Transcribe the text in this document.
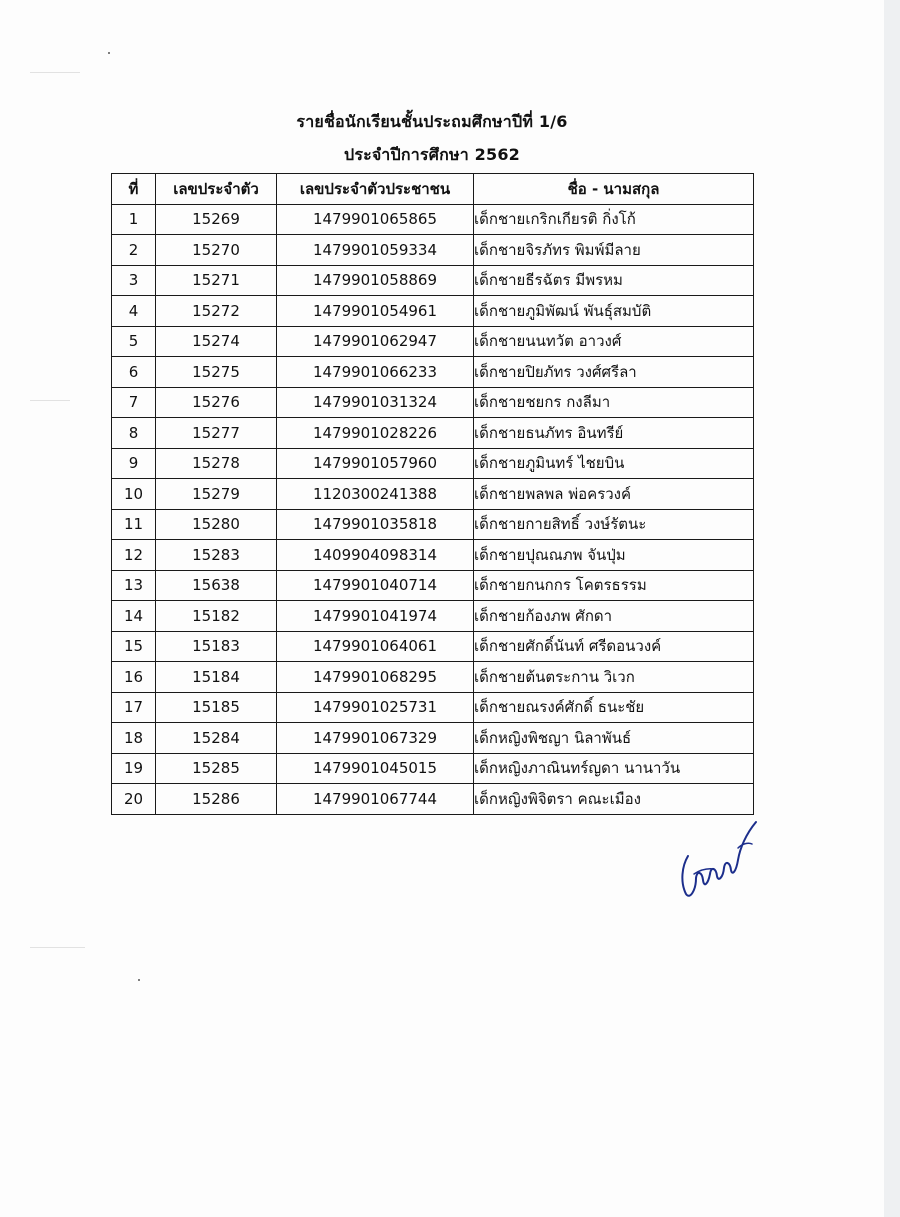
รายชื่อนักเรียนชั้นประถมศึกษาปีที่ 1/6
ประจำปีการศึกษา 2562
ที่	เลขประจำตัว	เลขประจำตัวประชาชน	ชื่อ - นามสกุล
1	15269	1479901065865	เด็กชายเกริกเกียรติ กิ่งโก้
2	15270	1479901059334	เด็กชายจิรภัทร พิมพ์มีลาย
3	15271	1479901058869	เด็กชายธีรฉัตร มีพรหม
4	15272	1479901054961	เด็กชายภูมิพัฒน์ พันธุ์สมบัติ
5	15274	1479901062947	เด็กชายนนทวัต อาวงศ์
6	15275	1479901066233	เด็กชายปิยภัทร วงศ์ศรีลา
7	15276	1479901031324	เด็กชายชยกร กงลีมา
8	15277	1479901028226	เด็กชายธนภัทร อินทรีย์
9	15278	1479901057960	เด็กชายภูมินทร์ ไชยบิน
10	15279	1120300241388	เด็กชายพลพล พ่อครวงค์
11	15280	1479901035818	เด็กชายกายสิทธิ์ วงษ์รัตนะ
12	15283	1409904098314	เด็กชายปุณณภพ จันปุ่ม
13	15638	1479901040714	เด็กชายกนกกร โคตรธรรม
14	15182	1479901041974	เด็กชายก้องภพ ศักดา
15	15183	1479901064061	เด็กชายศักดิ์นันท์ ศรีดอนวงค์
16	15184	1479901068295	เด็กชายต้นตระกาน วิเวก
17	15185	1479901025731	เด็กชายณรงค์ศักดิ์ ธนะชัย
18	15284	1479901067329	เด็กหญิงพิชญา นิลาพันธ์
19	15285	1479901045015	เด็กหญิงภาณินทร์ญดา นานาวัน
20	15286	1479901067744	เด็กหญิงพิจิตรา คณะเมือง
